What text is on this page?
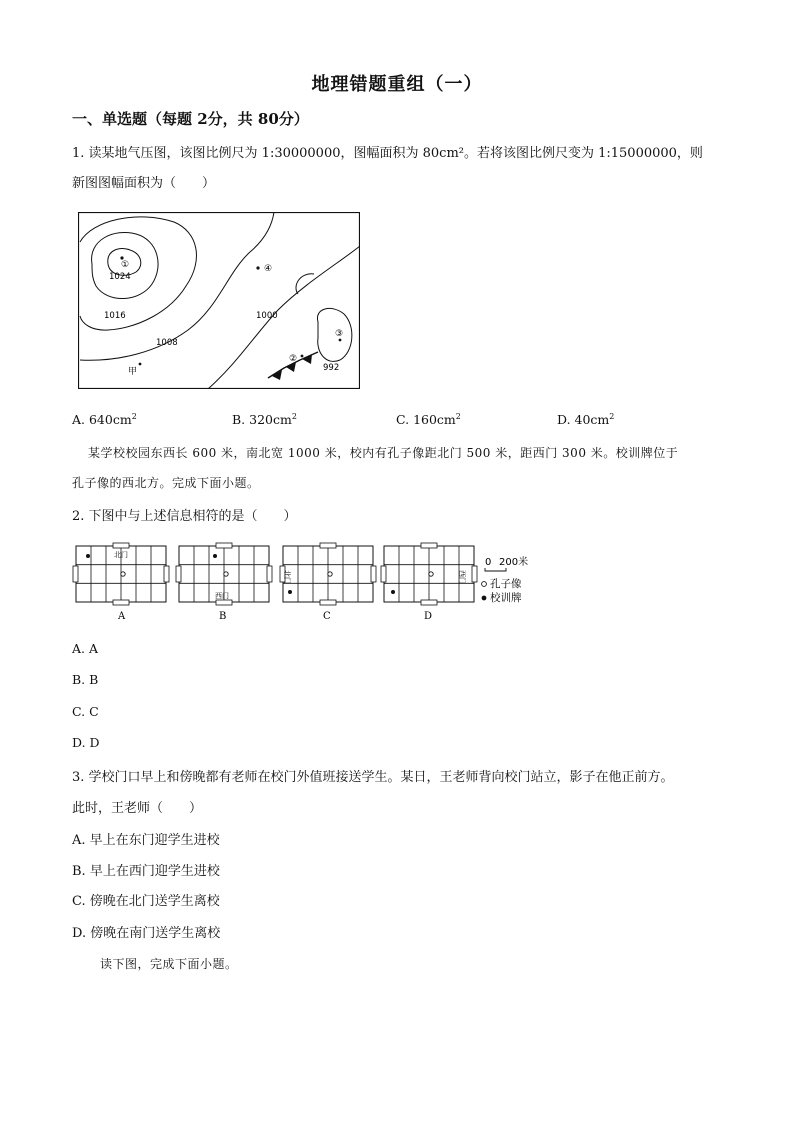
地理错题重组（一）
一、单选题（每题 2分，共 80分）
1. 读某地气压图，该图比例尺为 1:30000000，图幅面积为 80cm²。若将该图比例尺变为 1:15000000，则
新图图幅面积为（　　）
①	④
③
②
1024
1016
1008
1000
992
甲
A. $640cm^2$	B. $320cm^2$	C. $160cm^2$	D. $40cm^2$
某学校校园东西长 600 米，南北宽 1000 米，校内有孔子像距北门 500 米，距西门 300 米。校训牌位于
孔子像的西北方。完成下面小题。
2. 下图中与上述信息相符的是（　　）
北门
西门
北门	西门
A	B	C	D
0 200米
孔子像
校训牌
A. A
B. B
C. C
D. D
3. 学校门口早上和傍晚都有老师在校门外值班接送学生。某日，王老师背向校门站立，影子在他正前方。
此时，王老师（　　）
A. 早上在东门迎学生进校
B. 早上在西门迎学生进校
C. 傍晚在北门送学生离校
D. 傍晚在南门送学生离校
读下图，完成下面小题。
